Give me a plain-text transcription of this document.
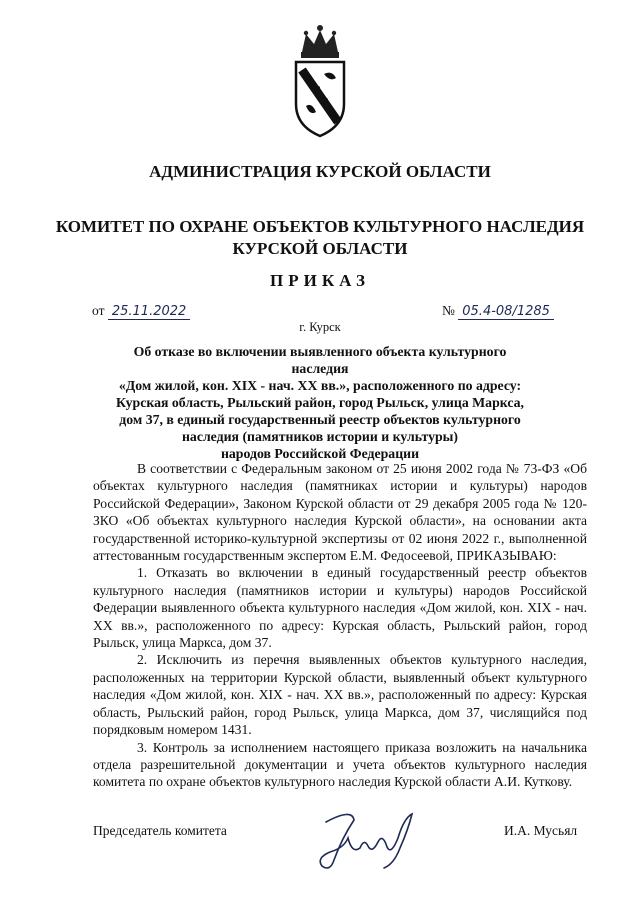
АДМИНИСТРАЦИЯ КУРСКОЙ ОБЛАСТИ
КОМИТЕТ ПО ОХРАНЕ ОБЪЕКТОВ КУЛЬТУРНОГО НАСЛЕДИЯ
КУРСКОЙ ОБЛАСТИ
ПРИКАЗ
от 25.11.2022	№ 05.4-08/1285
г. Курск
Об отказе во включении выявленного объекта культурного наследия
«Дом жилой, кон. XIX - нач. XX вв.», расположенного по адресу:
Курская область, Рыльский район, город Рыльск, улица Маркса,
дом 37, в единый государственный реестр объектов культурного
наследия (памятников истории и культуры)
народов Российской Федерации

В соответствии с Федеральным законом от 25 июня 2002 года № 73-ФЗ «Об объектах культурного наследия (памятниках истории и культуры) народов Российской Федерации», Законом Курской области от 29 декабря 2005 года № 120-ЗКО «Об объектах культурного наследия Курской области», на основании акта государственной историко-культурной экспертизы от 02 июня 2022 г., выполненной аттестованным государственным экспертом Е.М. Федосеевой, ПРИКАЗЫВАЮ:

1. Отказать во включении в единый государственный реестр объектов культурного наследия (памятников истории и культуры) народов Российской Федерации выявленного объекта культурного наследия «Дом жилой, кон. XIX - нач. XX вв.», расположенного по адресу: Курская область, Рыльский район, город Рыльск, улица Маркса, дом 37.

2. Исключить из перечня выявленных объектов культурного наследия, расположенных на территории Курской области, выявленный объект культурного наследия «Дом жилой, кон. XIX - нач. XX вв.», расположенный по адресу: Курская область, Рыльский район, город Рыльск, улица Маркса, дом 37, числящийся под порядковым номером 1431.

3. Контроль за исполнением настоящего приказа возложить на начальника отдела разрешительной документации и учета объектов культурного наследия комитета по охране объектов культурного наследия Курской области А.И. Куткову.

Председатель комитета	И.А. Мусьял
